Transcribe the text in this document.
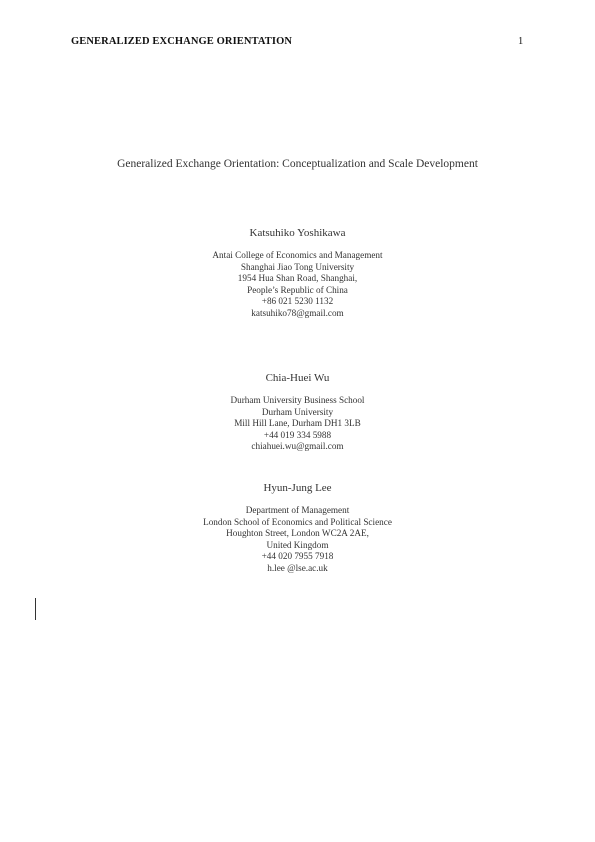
GENERALIZED EXCHANGE ORIENTATION	1
Generalized Exchange Orientation: Conceptualization and Scale Development
Katsuhiko Yoshikawa
Antai College of Economics and Management
Shanghai Jiao Tong University
1954 Hua Shan Road, Shanghai,
People’s Republic of China
+86 021 5230 1132
katsuhiko78@gmail.com
Chia-Huei Wu
Durham University Business School
Durham University
Mill Hill Lane, Durham DH1 3LB
+44 019 334 5988
chiahuei.wu@gmail.com
Hyun-Jung Lee
Department of Management
London School of Economics and Political Science
Houghton Street, London WC2A 2AE,
United Kingdom
+44 020 7955 7918
h.lee @lse.ac.uk
